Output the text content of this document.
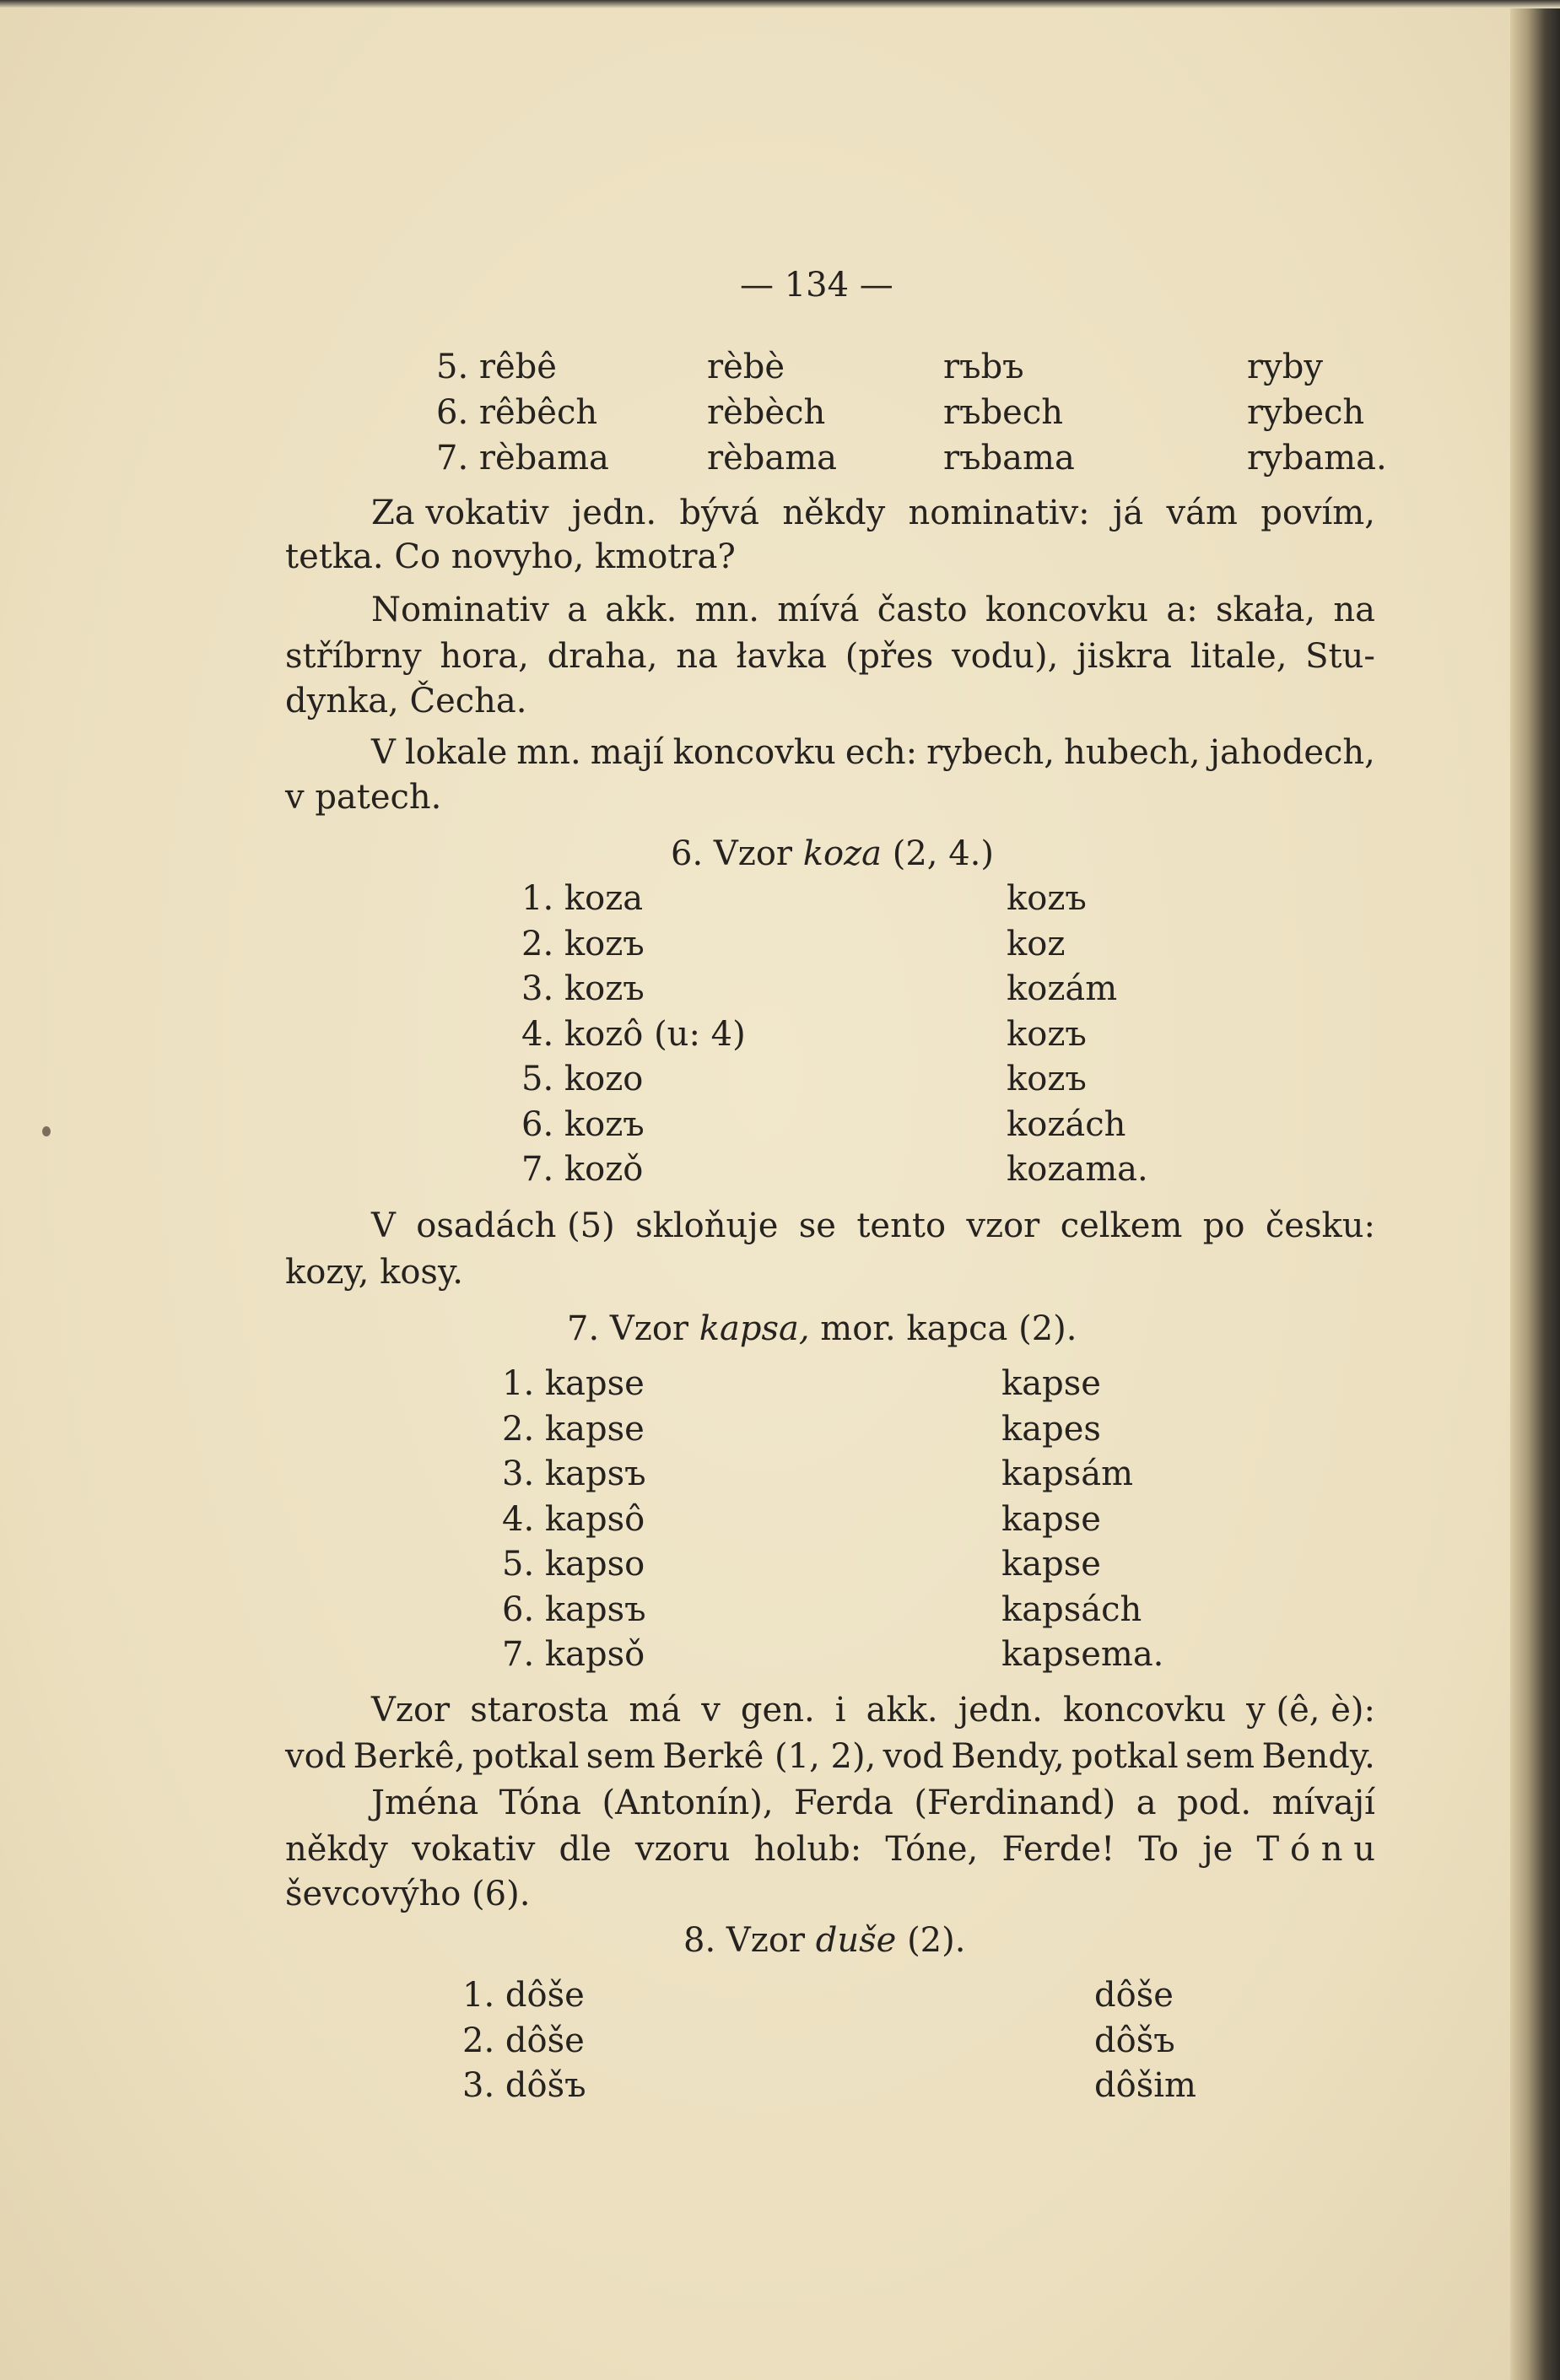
— 134 —
5. rêbê	rèbè	rъbъ	ryby
6. rêbêch	rèbèch	rъbech	rybech
7. rèbama	rèbama	rъbama	rybama.
Za vokativ jedn. bývá někdy nominativ: já vám povím,
tetka. Co novyho, kmotra?
Nominativ a akk. mn. mívá často koncovku a: skała, na
stříbrny hora, draha, na łavka (přes vodu), jiskra litale, Stu-
dynka, Čecha.
V lokale mn. mají koncovku ech: rybech, hubech, jahodech,
v patech.
6. Vzor koza (2, 4.)
1. koza	kozъ
2. kozъ	koz
3. kozъ	kozám
4. kozô (u: 4)	kozъ
5. kozo	kozъ
6. kozъ	kozách
7. kozǒ	kozama.
V osadách (5) skloňuje se tento vzor celkem po česku:
kozy, kosy.
7. Vzor kapsa, mor. kapca (2).
1. kapse	kapse
2. kapse	kapes
3. kapsъ	kapsám
4. kapsô	kapse
5. kapso	kapse
6. kapsъ	kapsách
7. kapsǒ	kapsema.
Vzor starosta má v gen. i akk. jedn. koncovku y (ê, è):
vod Berkê, potkal sem Berkê (1, 2), vod Bendy, potkal sem Bendy.
Jména Tóna (Antonín), Ferda (Ferdinand) a pod. mívají
někdy vokativ dle vzoru holub: Tóne, Ferde! To je T ó n u
ševcovýho (6).
8. Vzor duše (2).
1. dôše	dôše
2. dôše	dôšъ
3. dôšъ	dôšim
